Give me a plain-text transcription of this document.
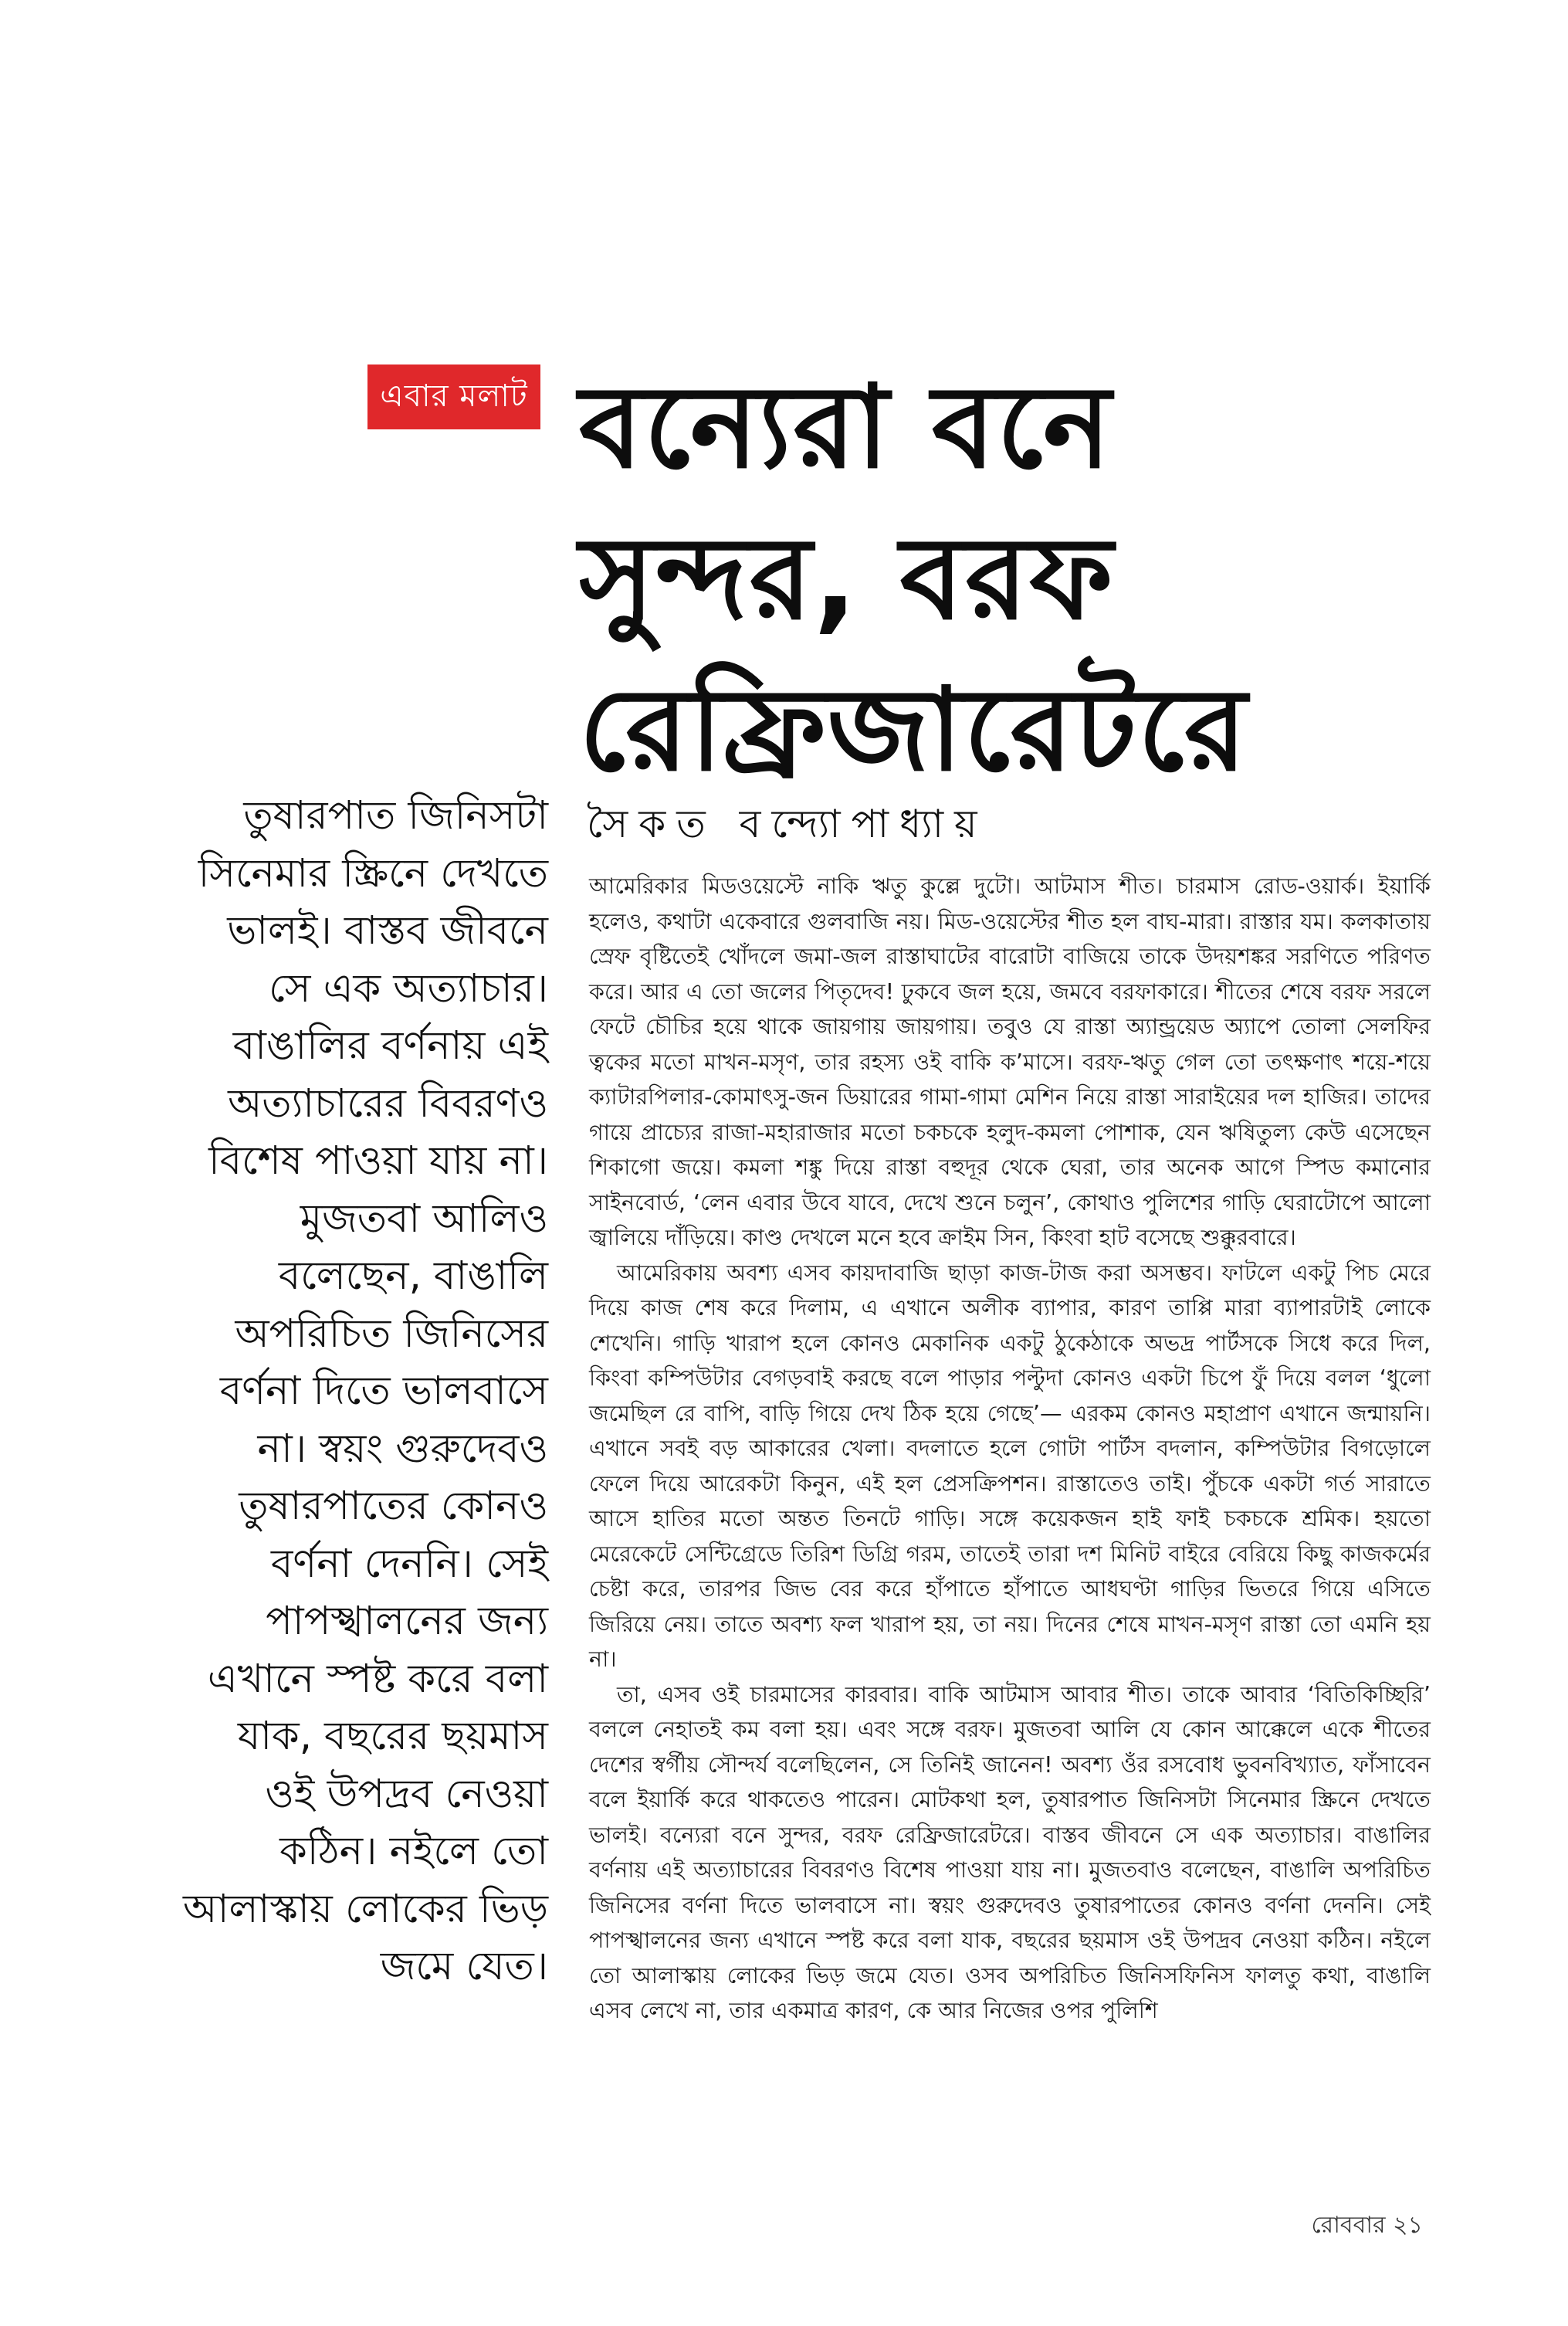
এবার মলাট বন্যেরা বনে
সুন্দর, বরফ
রেফ্রিজারেটরে
সৈকত বন্দ্যোপাধ্যায়
তুষারপাত জিনিসটা
সিনেমার স্ক্রিনে দেখতে
ভালই। বাস্তব জীবনে
সে এক অত্যাচার।
বাঙালির বর্ণনায় এই
অত্যাচারের বিবরণও
বিশেষ পাওয়া যায় না।
মুজতবা আলিও
বলেছেন, বাঙালি
অপরিচিত জিনিসের
বর্ণনা দিতে ভালবাসে
না। স্বয়ং গুরুদেবও
তুষারপাতের কোনও
বর্ণনা দেননি। সেই
পাপস্খালনের জন্য
এখানে স্পষ্ট করে বলা
যাক, বছরের ছয়মাস
ওই উপদ্রব নেওয়া
কঠিন। নইলে তো
আলাস্কায় লোকের ভিড়
জমে যেত।

আমেরিকার মিডওয়েস্টে নাকি ঋতু কুল্লে দুটো। আটমাস শীত। চারমাস রোড-ওয়ার্ক। ইয়ার্কি হলেও, কথাটা একেবারে গুলবাজি নয়। মিড-ওয়েস্টের শীত হল বাঘ-মারা। রাস্তার যম। কলকাতায় স্রেফ বৃষ্টিতেই খোঁদলে জমা-জল রাস্তাঘাটের বারোটা বাজিয়ে তাকে উদয়শঙ্কর সরণিতে পরিণত করে। আর এ তো জলের পিতৃদেব! ঢুকবে জল হয়ে, জমবে বরফাকারে। শীতের শেষে বরফ সরলে ফেটে চৌচির হয়ে থাকে জায়গায় জায়গায়। তবুও যে রাস্তা অ্যান্ড্রয়েড অ্যাপে তোলা সেলফির ত্বকের মতো মাখন-মসৃণ, তার রহস্য ওই বাকি ক’মাসে। বরফ-ঋতু গেল তো তৎক্ষণাৎ শয়ে-শয়ে ক্যাটারপিলার-কোমাৎসু-জন ডিয়ারের গামা-গামা মেশিন নিয়ে রাস্তা সারাইয়ের দল হাজির। তাদের গায়ে প্রাচ্যের রাজা-মহারাজার মতো চকচকে হলুদ-কমলা পোশাক, যেন ঋষিতুল্য কেউ এসেছেন শিকাগো জয়ে। কমলা শঙ্কু দিয়ে রাস্তা বহুদূর থেকে ঘেরা, তার অনেক আগে স্পিড কমানোর সাইনবোর্ড, ‘লেন এবার উবে যাবে, দেখে শুনে চলুন’, কোথাও পুলিশের গাড়ি ঘেরাটোপে আলো জ্বালিয়ে দাঁড়িয়ে। কাণ্ড দেখলে মনে হবে ক্রাইম সিন, কিংবা হাট বসেছে শুক্কুরবারে।

আমেরিকায় অবশ্য এসব কায়দাবাজি ছাড়া কাজ-টাজ করা অসম্ভব। ফাটলে একটু পিচ মেরে দিয়ে কাজ শেষ করে দিলাম, এ এখানে অলীক ব্যাপার, কারণ তাপ্পি মারা ব্যাপারটাই লোকে শেখেনি। গাড়ি খারাপ হলে কোনও মেকানিক একটু ঠুকেঠাকে অভদ্র পার্টসকে সিধে করে দিল, কিংবা কম্পিউটার বেগড়বাই করছে বলে পাড়ার পল্টুদা কোনও একটা চিপে ফুঁ দিয়ে বলল ‘ধুলো জমেছিল রে বাপি, বাড়ি গিয়ে দেখ ঠিক হয়ে গেছে’— এরকম কোনও মহাপ্রাণ এখানে জন্মায়নি। এখানে সবই বড় আকারের খেলা। বদলাতে হলে গোটা পার্টস বদলান, কম্পিউটার বিগড়োলে ফেলে দিয়ে আরেকটা কিনুন, এই হল প্রেসক্রিপশন। রাস্তাতেও তাই। পুঁচকে একটা গর্ত সারাতে আসে হাতির মতো অন্তত তিনটে গাড়ি। সঙ্গে কয়েকজন হাই ফাই চকচকে শ্রমিক। হয়তো মেরেকেটে সেন্টিগ্রেডে তিরিশ ডিগ্রি গরম, তাতেই তারা দশ মিনিট বাইরে বেরিয়ে কিছু কাজকর্মের চেষ্টা করে, তারপর জিভ বের করে হাঁপাতে হাঁপাতে আধঘণ্টা গাড়ির ভিতরে গিয়ে এসিতে জিরিয়ে নেয়। তাতে অবশ্য ফল খারাপ হয়, তা নয়। দিনের শেষে মাখন-মসৃণ রাস্তা তো এমনি হয় না।

তা, এসব ওই চারমাসের কারবার। বাকি আটমাস আবার শীত। তাকে আবার ‘বিতিকিচ্ছিরি’ বললে নেহাতই কম বলা হয়। এবং সঙ্গে বরফ। মুজতবা আলি যে কোন আক্কেলে একে শীতের দেশের স্বর্গীয় সৌন্দর্য বলেছিলেন, সে তিনিই জানেন! অবশ্য ওঁর রসবোধ ভুবনবিখ্যাত, ফাঁসাবেন বলে ইয়ার্কি করে থাকতেও পারেন। মোটকথা হল, তুষারপাত জিনিসটা সিনেমার স্ক্রিনে দেখতে ভালই। বন্যেরা বনে সুন্দর, বরফ রেফ্রিজারেটরে। বাস্তব জীবনে সে এক অত্যাচার। বাঙালির বর্ণনায় এই অত্যাচারের বিবরণও বিশেষ পাওয়া যায় না। মুজতবাও বলেছেন, বাঙালি অপরিচিত জিনিসের বর্ণনা দিতে ভালবাসে না। স্বয়ং গুরুদেবও তুষারপাতের কোনও বর্ণনা দেননি। সেই পাপস্খালনের জন্য এখানে স্পষ্ট করে বলা যাক, বছরের ছয়মাস ওই উপদ্রব নেওয়া কঠিন। নইলে তো আলাস্কায় লোকের ভিড় জমে যেত। ওসব অপরিচিত জিনিসফিনিস ফালতু কথা, বাঙালি এসব লেখে না, তার একমাত্র কারণ, কে আর নিজের ওপর পুলিশি

রোববার ২১
